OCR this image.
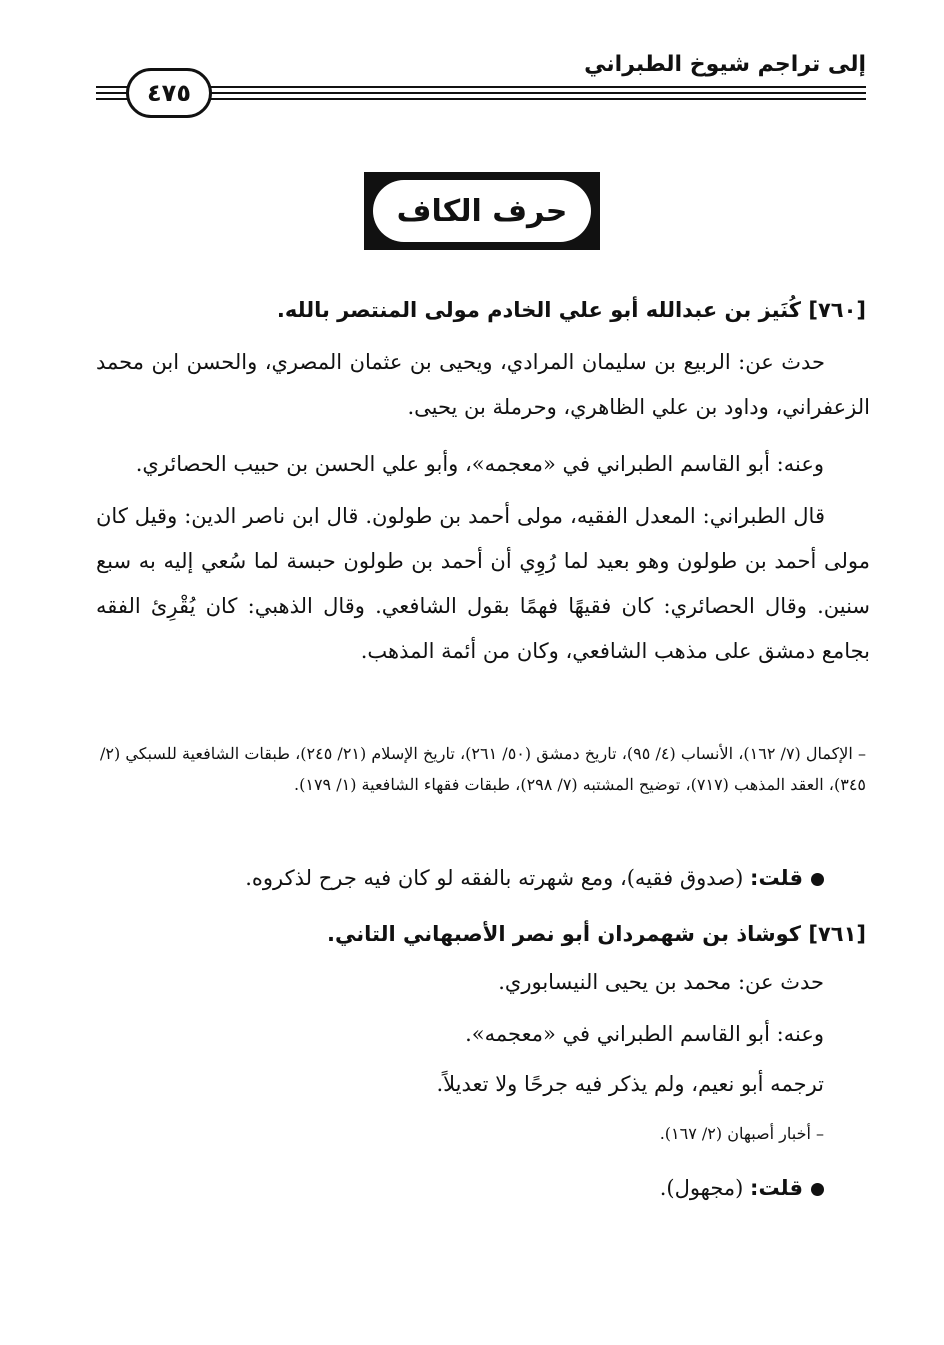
إلى تراجم شيوخ الطبراني
٤٧٥
حرف الكاف
[٧٦٠] كُنَيز بن عبدالله أبو علي الخادم مولى المنتصر بالله.
حدث عن: الربيع بن سليمان المرادي، ويحيى بن عثمان المصري، والحسن ابن محمد الزعفراني، وداود بن علي الظاهري، وحرملة بن يحيى.
وعنه: أبو القاسم الطبراني في «معجمه»، وأبو علي الحسن بن حبيب الحصائري.
قال الطبراني: المعدل الفقيه، مولى أحمد بن طولون. قال ابن ناصر الدين: وقيل كان مولى أحمد بن طولون وهو بعيد لما رُوِي أن أحمد بن طولون حبسة لما سُعي إليه به سبع سنين. وقال الحصائري: كان فقيهًا فهمًا بقول الشافعي. وقال الذهبي: كان يُقْرِئ الفقه بجامع دمشق على مذهب الشافعي، وكان من أئمة المذهب.
– الإكمال (٧/ ١٦٢)، الأنساب (٤/ ٩٥)، تاريخ دمشق (٥٠/ ٢٦١)، تاريخ الإسلام (٢١/ ٢٤٥)، طبقات الشافعية للسبكي (٢/ ٣٤٥)، العقد المذهب (٧١٧)، توضيح المشتبه (٧/ ٢٩٨)، طبقات فقهاء الشافعية (١/ ١٧٩).
قلت: (صدوق فقيه)، ومع شهرته بالفقه لو كان فيه جرح لذكروه.
[٧٦١] كوشاذ بن شهمردان أبو نصر الأصبهاني التاني.
حدث عن: محمد بن يحيى النيسابوري.
وعنه: أبو القاسم الطبراني في «معجمه».
ترجمه أبو نعيم، ولم يذكر فيه جرحًا ولا تعديلاً.
– أخبار أصبهان (٢/ ١٦٧).
قلت: (مجهول).
